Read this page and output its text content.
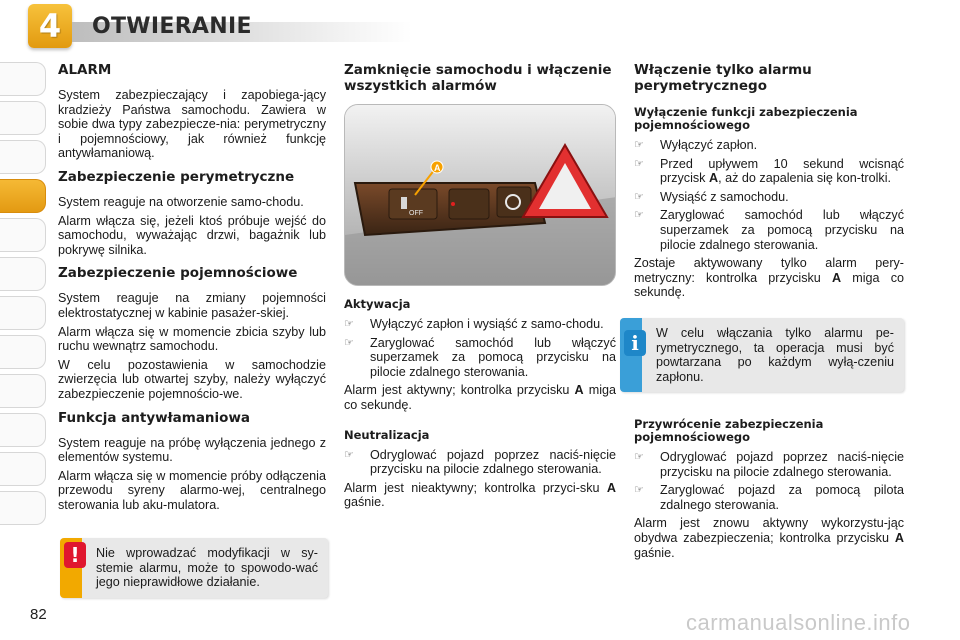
4 OTWIERANIE
ALARM

System zabezpieczający i zapobiega-jący kradzieży Państwa samochodu. Zawiera w sobie dwa typy zabezpiecze-nia: perymetryczny i pojemnościowy, jak również funkcję antywłamaniową.

Zabezpieczenie perymetryczne

System reaguje na otworzenie samo-chodu.

Alarm włącza się, jeżeli ktoś próbuje wejść do samochodu, wyważając drzwi, bagażnik lub pokrywę silnika.

Zabezpieczenie pojemnościowe

System reaguje na zmiany pojemności elektrostatycznej w kabinie pasażer-skiej.

Alarm włącza się w momencie zbicia szyby lub ruchu wewnątrz samochodu.

W celu pozostawienia w samochodzie zwierzęcia lub otwartej szyby, należy wyłączyć zabezpieczenie pojemnościo-we.

Funkcja antywłamaniowa

System reaguje na próbę wyłączenia jednego z elementów systemu.

Alarm włącza się w momencie próby odłączenia przewodu syreny alarmo-wej, centralnego sterowania lub aku-mulatora.

!	Nie wprowadzać modyfikacji w sy-stemie alarmu, może to spowodo-wać jego nieprawidłowe działanie.

Zamknięcie samochodu i włączenie wszystkich alarmów
OFF
A
Aktywacja
☞ Wyłączyć zapłon i wysiąść z samo-chodu.
☞ Zaryglować samochód lub włączyć superzamek za pomocą przycisku na pilocie zdalnego sterowania.

Alarm jest aktywny; kontrolka przycisku A miga co sekundę.

Neutralizacja
☞ Odryglować pojazd poprzez naciś-nięcie przycisku na pilocie zdalnego sterowania.

Alarm jest nieaktywny; kontrolka przyci-sku A gaśnie.

Włączenie tylko alarmu perymetrycznego
Wyłączenie funkcji zabezpieczenia pojemnościowego
☞ Wyłączyć zapłon.
☞ Przed upływem 10 sekund wcisnąć przycisk A, aż do zapalenia się kon-trolki.
☞ Wysiąść z samochodu.
☞ Zaryglować samochód lub włączyć superzamek za pomocą przycisku na pilocie zdalnego sterowania.

Zostaje aktywowany tylko alarm pery-metryczny: kontrolka przycisku A miga co sekundę.

i	W celu włączania tylko alarmu pe-rymetrycznego, ta operacja musi być powtarzana po każdym wyłą-czeniu zapłonu.

Przywrócenie zabezpieczenia pojemnościowego
☞ Odryglować pojazd poprzez naciś-nięcie przycisku na pilocie zdalnego sterowania.
☞ Zaryglować pojazd za pomocą pilota zdalnego sterowania.

Alarm jest znowu aktywny wykorzystu-jąc obydwa zabezpieczenia; kontrolka przycisku A gaśnie.

82	carmanualsonline.info
